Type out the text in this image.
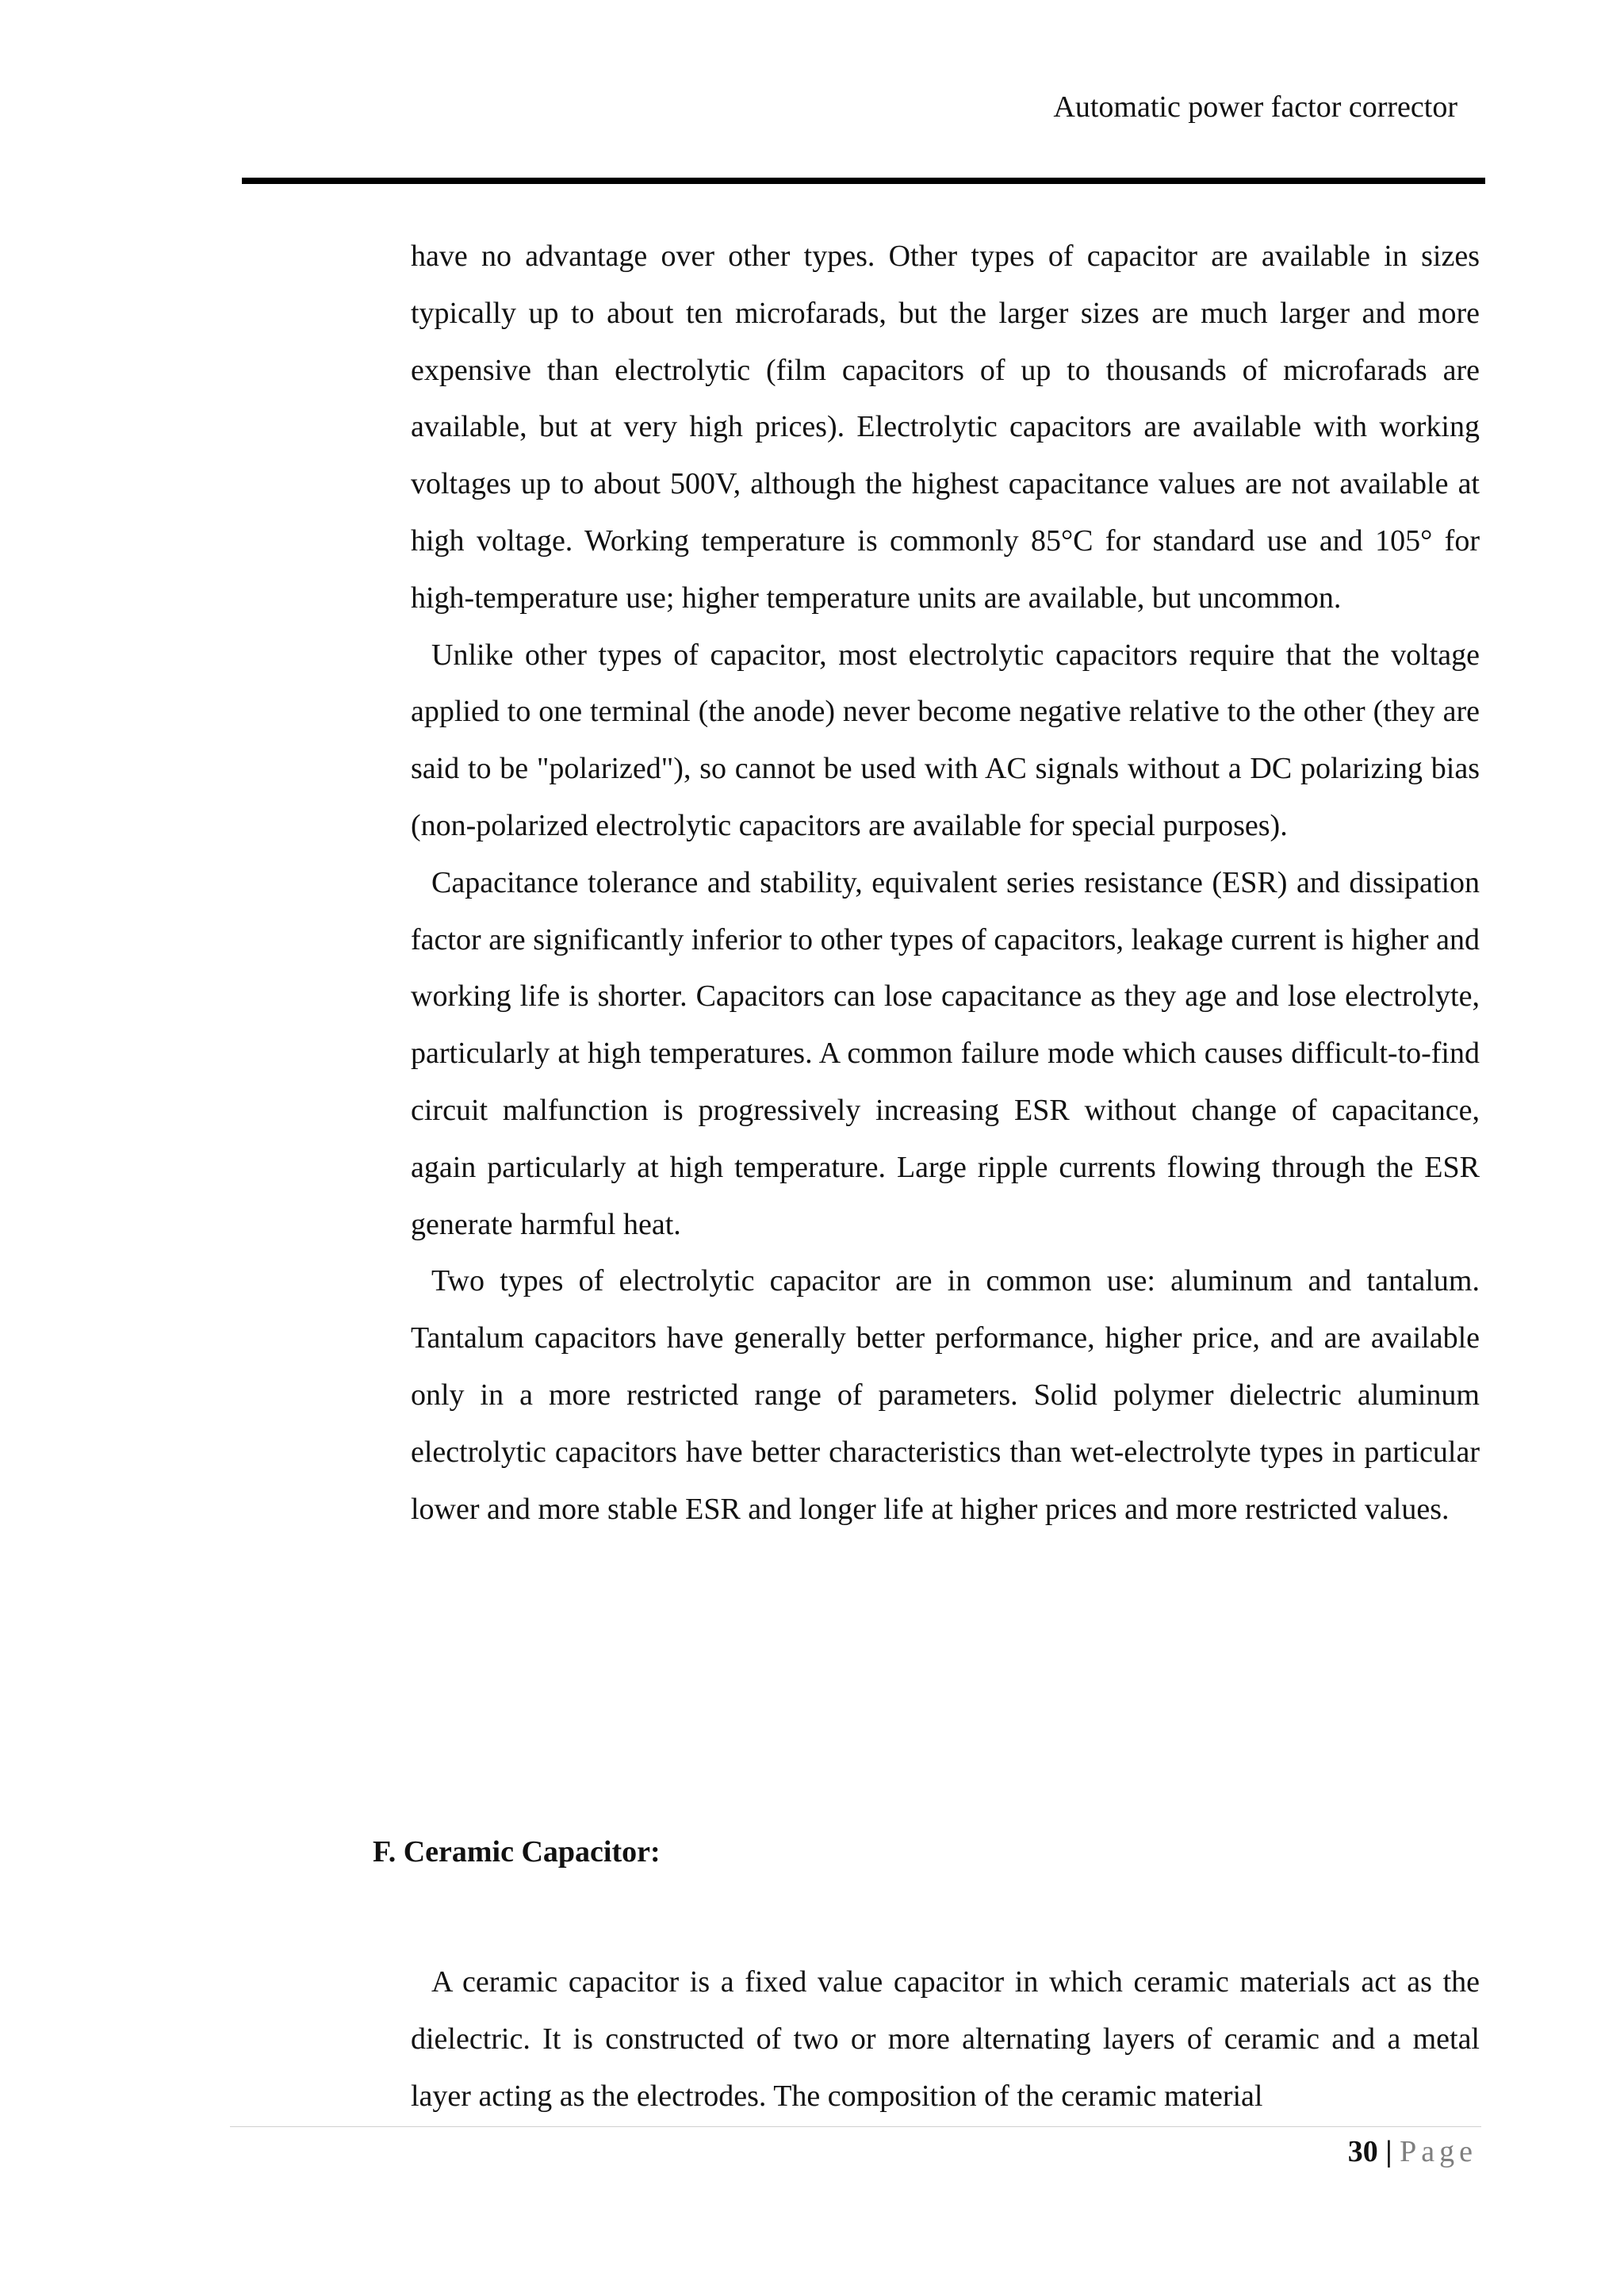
Automatic power factor corrector

have no advantage over other types. Other types of capacitor are available in sizes typically up to about ten microfarads, but the larger sizes are much larger and more expensive than electrolytic (film capacitors of up to thousands of microfarads are available, but at very high prices). Electrolytic capacitors are available with working voltages up to about 500V, although the highest capacitance values are not available at high voltage. Working temperature is commonly 85°C for standard use and 105° for high-temperature use; higher temperature units are available, but uncommon.

Unlike other types of capacitor, most electrolytic capacitors require that the voltage applied to one terminal (the anode) never become negative relative to the other (they are said to be "polarized"), so cannot be used with AC signals without a DC polarizing bias (non-polarized electrolytic capacitors are available for special purposes).

Capacitance tolerance and stability, equivalent series resistance (ESR) and dissipation factor are significantly inferior to other types of capacitors, leakage current is higher and working life is shorter. Capacitors can lose capacitance as they age and lose electrolyte, particularly at high temperatures. A common failure mode which causes difficult-to-find circuit malfunction is progressively increasing ESR without change of capacitance, again particularly at high temperature. Large ripple currents flowing through the ESR generate harmful heat.

Two types of electrolytic capacitor are in common use: aluminum and tantalum. Tantalum capacitors have generally better performance, higher price, and are available only in a more restricted range of parameters. Solid polymer dielectric aluminum electrolytic capacitors have better characteristics than wet-electrolyte types in particular lower and more stable ESR and longer life at higher prices and more restricted values.

F. Ceramic Capacitor:

A ceramic capacitor is a fixed value capacitor in which ceramic materials act as the dielectric. It is constructed of two or more alternating layers of ceramic and a metal layer acting as the electrodes. The composition of the ceramic material

30 | Page
